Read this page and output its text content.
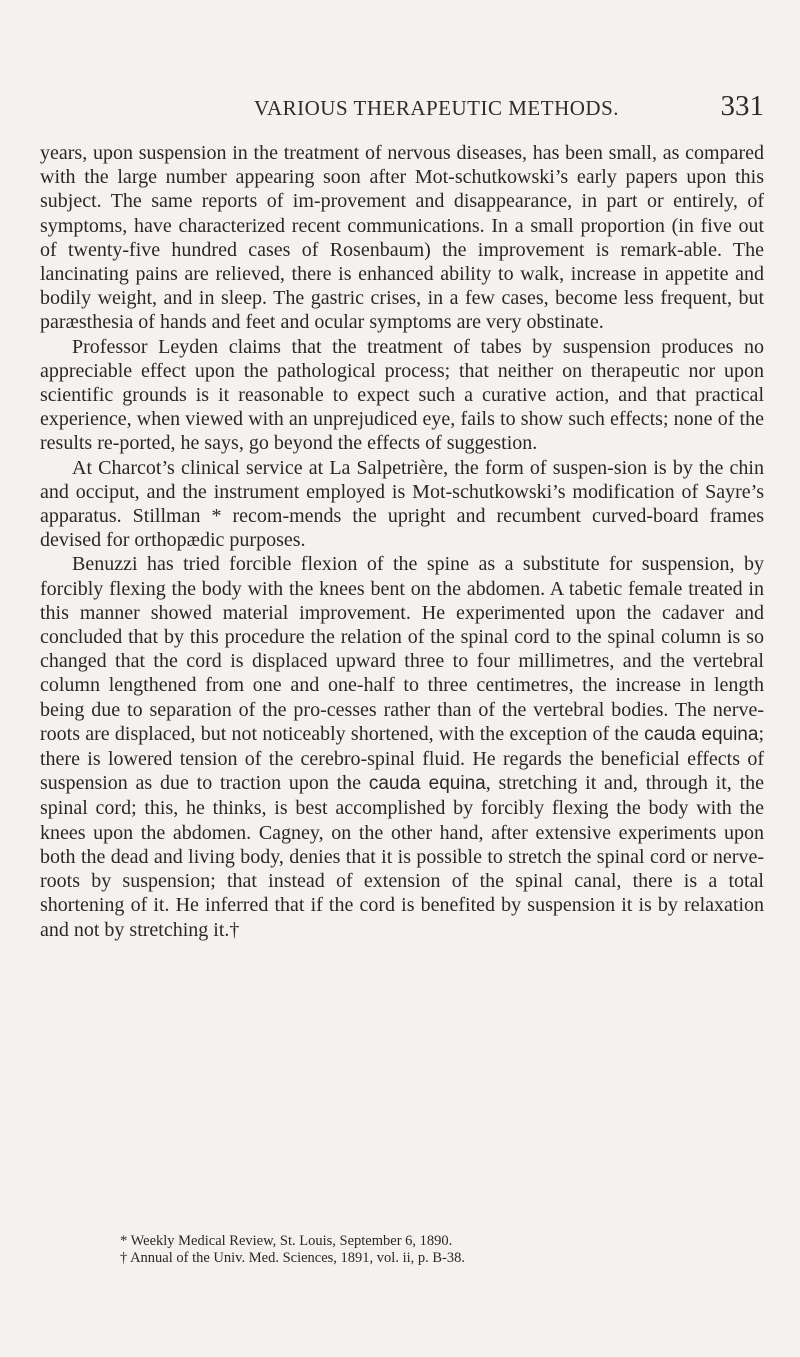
VARIOUS THERAPEUTIC METHODS.	331

years, upon suspension in the treatment of nervous diseases, has been small, as compared with the large number appearing soon after Mot-schutkowski’s early papers upon this subject. The same reports of im-provement and disappearance, in part or entirely, of symptoms, have characterized recent communications. In a small proportion (in five out of twenty-five hundred cases of Rosenbaum) the improvement is remark-able. The lancinating pains are relieved, there is enhanced ability to walk, increase in appetite and bodily weight, and in sleep. The gastric crises, in a few cases, become less frequent, but paræsthesia of hands and feet and ocular symptoms are very obstinate.

Professor Leyden claims that the treatment of tabes by suspension produces no appreciable effect upon the pathological process; that neither on therapeutic nor upon scientific grounds is it reasonable to expect such a curative action, and that practical experience, when viewed with an unprejudiced eye, fails to show such effects; none of the results re-ported, he says, go beyond the effects of suggestion.

At Charcot’s clinical service at La Salpetrière, the form of suspen-sion is by the chin and occiput, and the instrument employed is Mot-schutkowski’s modification of Sayre’s apparatus. Stillman * recom-mends the upright and recumbent curved-board frames devised for orthopædic purposes.

Benuzzi has tried forcible flexion of the spine as a substitute for suspension, by forcibly flexing the body with the knees bent on the abdomen. A tabetic female treated in this manner showed material improvement. He experimented upon the cadaver and concluded that by this procedure the relation of the spinal cord to the spinal column is so changed that the cord is displaced upward three to four millimetres, and the vertebral column lengthened from one and one-half to three centimetres, the increase in length being due to separation of the pro-cesses rather than of the vertebral bodies. The nerve-roots are displaced, but not noticeably shortened, with the exception of the cauda equina; there is lowered tension of the cerebro-spinal fluid. He regards the beneficial effects of suspension as due to traction upon the cauda equina, stretching it and, through it, the spinal cord; this, he thinks, is best accomplished by forcibly flexing the body with the knees upon the abdomen. Cagney, on the other hand, after extensive experiments upon both the dead and living body, denies that it is possible to stretch the spinal cord or nerve-roots by suspension; that instead of extension of the spinal canal, there is a total shortening of it. He inferred that if the cord is benefited by suspension it is by relaxation and not by stretching it.†

* Weekly Medical Review, St. Louis, September 6, 1890.
† Annual of the Univ. Med. Sciences, 1891, vol. ii, p. B-38.
